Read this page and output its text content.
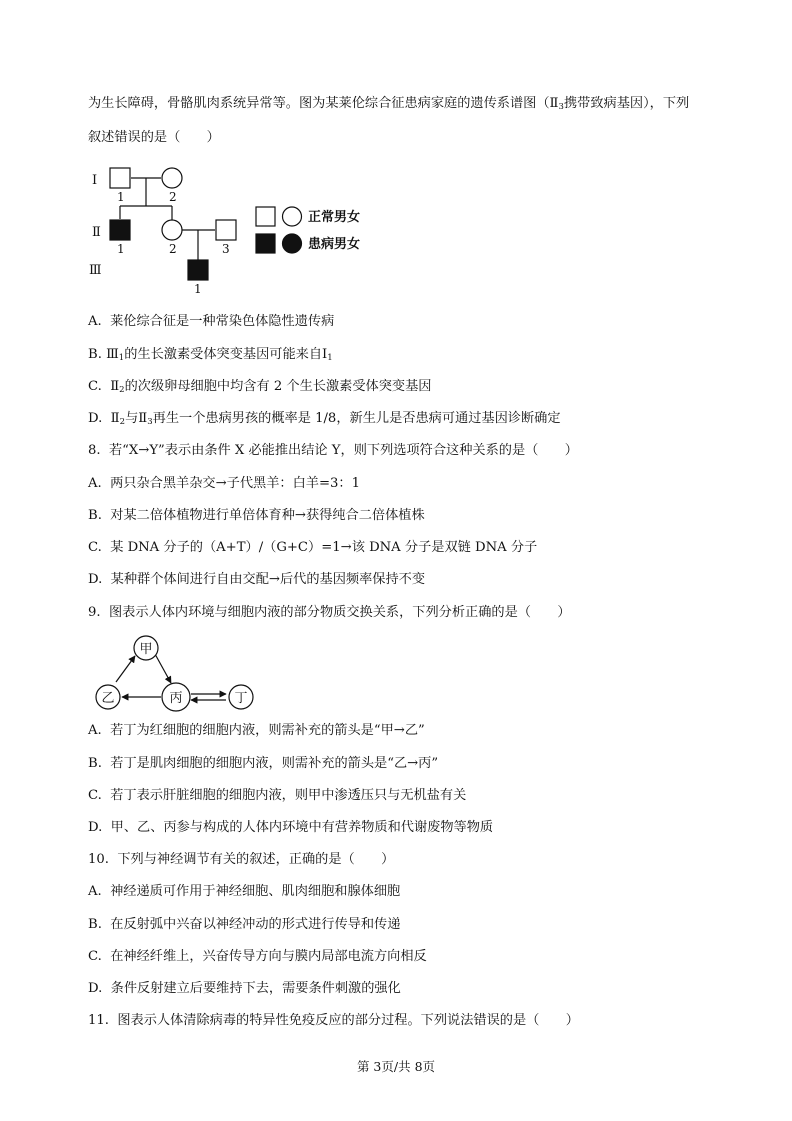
为生长障碍，骨骼肌肉系统异常等。图为某莱伦综合征患病家庭的遗传系谱图（$Ⅱ_3$携带致病基因），下列
叙述错误的是（　　）
Ⅰ
Ⅱ
Ⅲ
1	2
1	2	3
1
正常男女
患病男女
A.  莱伦综合征是一种常染色体隐性遗传病
B. $Ⅲ_1$的生长激素受体突变基因可能来自$Ⅰ_1$
C.  $Ⅱ_2$的次级卵母细胞中均含有 2 个生长激素受体突变基因
D.  $Ⅱ_2$与$Ⅱ_3$再生一个患病男孩的概率是 1/8，新生儿是否患病可通过基因诊断确定
8.  若“X→Y”表示由条件 X 必能推出结论 Y，则下列选项符合这种关系的是（　　）
A.  两只杂合黑羊杂交→子代黑羊：白羊=3：1
B.  对某二倍体植物进行单倍体育种→获得纯合二倍体植株
C.  某 DNA 分子的（A+T）/（G+C）=1→该 DNA 分子是双链 DNA 分子
D.  某种群个体间进行自由交配→后代的基因频率保持不变
9.  图表示人体内环境与细胞内液的部分物质交换关系，下列分析正确的是（　　）
甲
乙	丙	丁
A.  若丁为红细胞的细胞内液，则需补充的箭头是“甲→乙”
B.  若丁是肌肉细胞的细胞内液，则需补充的箭头是“乙→丙”
C.  若丁表示肝脏细胞的细胞内液，则甲中渗透压只与无机盐有关
D.  甲、乙、丙参与构成的人体内环境中有营养物质和代谢废物等物质
10.  下列与神经调节有关的叙述，正确的是（　　）
A.  神经递质可作用于神经细胞、肌肉细胞和腺体细胞
B.  在反射弧中兴奋以神经冲动的形式进行传导和传递
C.  在神经纤维上，兴奋传导方向与膜内局部电流方向相反
D.  条件反射建立后要维持下去，需要条件刺激的强化
11.  图表示人体清除病毒的特异性免疫反应的部分过程。下列说法错误的是（　　）
第 3页/共 8页
